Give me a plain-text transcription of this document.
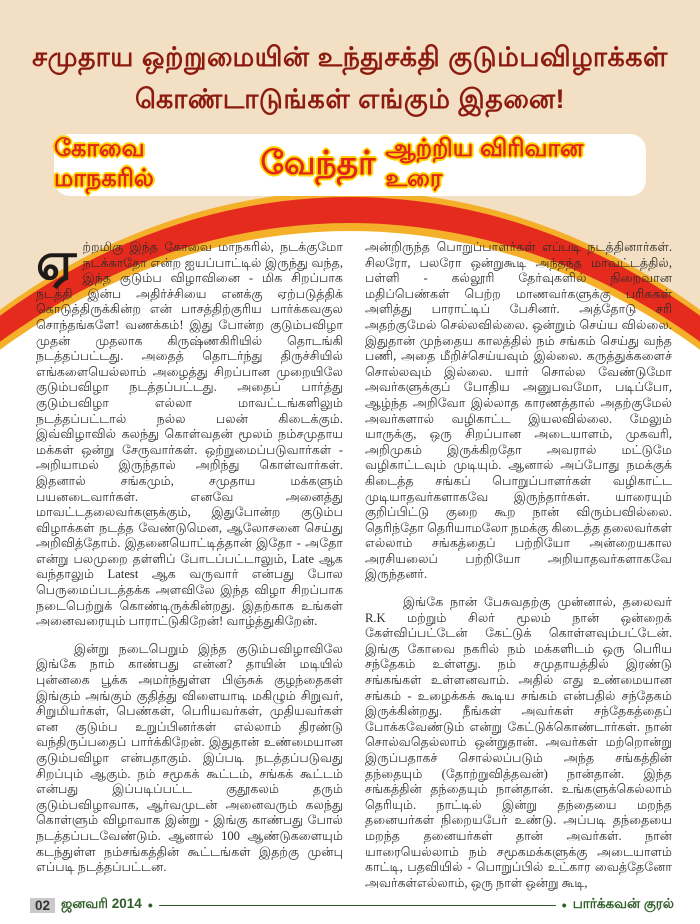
சமுதாய ஒற்றுமையின் உந்துசக்தி குடும்பவிழாக்கள்
கொண்டாடுங்கள் எங்கும் இதனை!
கோவை மாநகரில்	வேந்தர் ஆற்றிய விரிவான உரை

ஏற்றமிகு இந்த கோவை மாநகரில், நடக்குமோ நடக்காதோ என்ற ஐயப்பாட்டில் இருந்து வந்த, இந்த குடும்ப விழாவினை - மிக சிறப்பாக நடத்தி இன்ப அதிர்ச்சியை எனக்கு ஏற்படுத்திக் கொடுத்திருக்கின்ற என் பாசத்திற்குரிய பார்க்கவகுல சொந்தங்களே! வணக்கம்! இது போன்ற குடும்பவிழா முதன் முதலாக கிருஷ்ணகிரியில் தொடங்கி நடத்தப்பட்டது. அதைத் தொடர்ந்து திருச்சியில் எங்களையெல்லாம் அழைத்து சிறப்பான முறையிலே குடும்பவிழா நடத்தப்பட்டது. அதைப் பார்த்து குடும்பவிழா எல்லா மாவட்டங்களிலும் நடத்தப்பட்டால் நல்ல பலன் கிடைக்கும். இவ்விழாவில் கலந்து கொள்வதன் மூலம் நம்சமுதாய மக்கள் ஒன்று சேருவார்கள். ஒற்றுமைப்படுவார்கள் - அறியாமல் இருந்தால் அறிந்து கொள்வார்கள். இதனால் சங்கமும், சமுதாய மக்களும் பயனடைவார்கள். எனவே அனைத்து மாவட்டதலைவர்களுக்கும், இதுபோன்ற குடும்ப விழாக்கள் நடத்த வேண்டுமென, ஆலோசனை செய்து அறிவித்தோம். இதனையொட்டித்தான் இதோ - அதோ என்று பலமுறை தள்ளிப் போடப்பட்டாலும், Late ஆக வந்தாலும் Latest ஆக வருவார் என்பது போல பெருமைப்படத்தக்க அளவிலே இந்த விழா சிறப்பாக நடைபெற்றுக் கொண்டிருக்கின்றது. இதற்காக உங்கள் அனைவரையும் பாராட்டுகிறேன்! வாழ்த்துகிறேன்.

இன்று நடைபெறும் இந்த குடும்பவிழாவிலே இங்கே நாம் காண்பது என்ன? தாயின் மடியில் புன்னகை பூக்க அமர்ந்துள்ள பிஞ்சுக் குழந்தைகள் இங்கும் அங்கும் குதித்து விளையாடி மகிழும் சிறுவர், சிறுமியர்கள், பெண்கள், பெரியவர்கள், முதியவர்கள் என குடும்ப உறுப்பினர்கள் எல்லாம் திரண்டு வந்திருப்பதைப் பார்க்கிறேன். இதுதான் உண்மையான குடும்பவிழா என்பதாகும். இப்படி நடத்தப்படுவது சிறப்பும் ஆகும். நம் சமூகக் கூட்டம், சங்கக் கூட்டம் என்பது இப்படிப்பட்ட குதூகலம் தரும் குடும்பவிழாவாக, ஆர்வமுடன் அனைவரும் கலந்து கொள்ளும் விழாவாக இன்று - இங்கு காண்பது போல் நடத்தப்படவேண்டும். ஆனால் 100 ஆண்டுகளையும் கடந்துள்ள நம்சங்கத்தின் கூட்டங்கள் இதற்கு முன்பு எப்படி நடத்தப்பட்டன.

அன்றிருந்த பொறுப்பாளர்கள் எப்படி நடத்தினார்கள். சிலரோ, பலரோ ஒன்றுகூடி அந்தந்த மாவட்டத்தில், பள்ளி - கல்லூரி தேர்வுகளில் நிறைவான மதிப்பெண்கள் பெற்ற மாணவர்களுக்கு பரிசுகள் அளித்து பாராட்டிப் பேசினர். அத்தோடு சரி அதற்குமேல் செல்லவில்லை. ஒன்றும் செய்ய வில்லை. இதுதான் முந்தைய காலத்தில் நம் சங்கம் செய்து வந்த பணி, அதை மீறிச்செய்யவும் இல்லை. கருத்துக்களைச் சொல்லவும் இல்லை. யார் சொல்ல வேண்டுமோ அவர்களுக்குப் போதிய அனுபவமோ, படிப்போ, ஆழ்ந்த அறிவோ இல்லாத காரணத்தால் அதற்குமேல் அவர்களால் வழிகாட்ட இயலவில்லை. மேலும் யாருக்கு, ஒரு சிறப்பான அடையாளம், முகவரி, அறிமுகம் இருக்கிறதோ அவரால் மட்டுமே வழிகாட்டவும் முடியும். ஆனால் அப்போது நமக்குக் கிடைத்த சங்கப் பொறுப்பாளர்கள் வழிகாட்ட முடியாதவர்களாகவே இருந்தார்கள். யாரையும் குறிப்பிட்டு குறை கூற நான் விரும்பவில்லை. தெரிந்தோ தெரியாமலோ நமக்கு கிடைத்த தலைவர்கள் எல்லாம் சங்கத்தைப் பற்றியோ அன்றையகால அரசியலைப் பற்றியோ அறியாதவர்களாகவே இருந்தனர்.

இங்கே நான் பேசுவதற்கு முன்னால், தலைவர் R.K மற்றும் சிலர் மூலம் நான் ஒன்றைக் கேள்விப்பட்டேன் கேட்டுக் கொள்ளவும்பட்டேன். இங்கு கோவை நகரில் நம் மக்களிடம் ஒரு பெரிய சந்தேகம் உள்ளது. நம் சமுதாயத்தில் இரண்டு சங்கங்கள் உள்ளனவாம். அதில் எது உண்மையான சங்கம் - உழைக்கக் கூடிய சங்கம் என்பதில் சந்தேகம் இருக்கின்றது. நீங்கள் அவர்கள் சந்தேகத்தைப் போக்கவேண்டும் என்று கேட்டுக்கொண்டார்கள். நான் சொல்வதெல்லாம் ஒன்றுதான். அவர்கள் மற்றொன்று இருப்பதாகச் சொல்லப்படும் அந்த சங்கத்தின் தந்தையும் (தோற்றுவித்தவன்) நான்தான். இந்த சங்கத்தின் தந்தையும் நான்தான். உங்களுக்கெல்லாம் தெரியும். நாட்டில் இன்று தந்தையை மறந்த தனையர்கள் நிறையபேர் உண்டு. அப்படி தந்தையை மறந்த தனையர்கள் தான் அவர்கள். நான் யாரையெல்லாம் நம் சமூகமக்களுக்கு அடையாளம் காட்டி, பதவியில் - பொறுப்பில் உட்கார வைத்தேனோ அவர்கள்எல்லாம், ஒரு நாள் ஒன்று கூடி,

02 ஜனவரி 2014 •	• பார்க்கவன் குரல்
